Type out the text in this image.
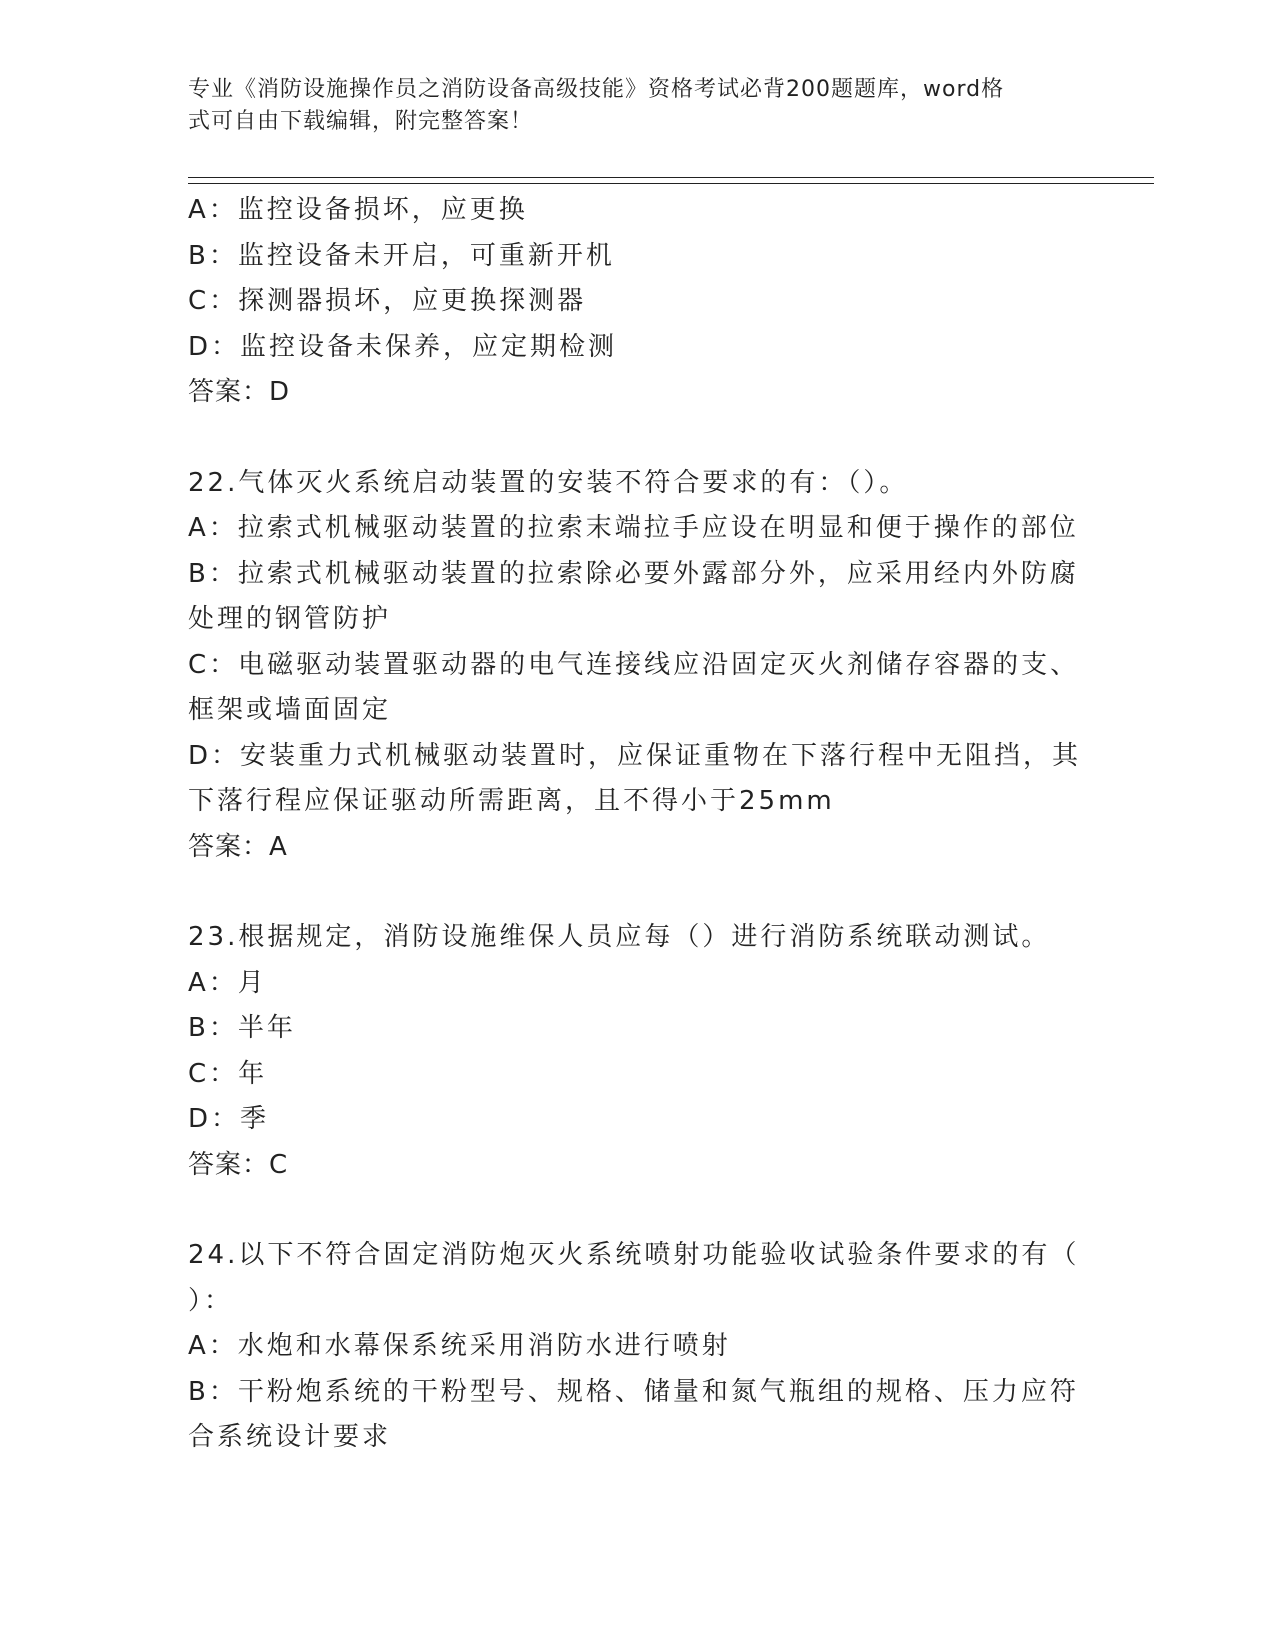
专业《消防设施操作员之消防设备高级技能》资格考试必背200题题库，word格
式可自由下载编辑，附完整答案！
A：监控设备损坏，应更换
B：监控设备未开启，可重新开机
C：探测器损坏，应更换探测器
D：监控设备未保养，应定期检测
答案：D
22.气体灭火系统启动装置的安装不符合要求的有：（）。
A：拉索式机械驱动装置的拉索末端拉手应设在明显和便于操作的部位
B：拉索式机械驱动装置的拉索除必要外露部分外，应采用经内外防腐
处理的钢管防护
C：电磁驱动装置驱动器的电气连接线应沿固定灭火剂储存容器的支、
框架或墙面固定
D：安装重力式机械驱动装置时，应保证重物在下落行程中无阻挡，其
下落行程应保证驱动所需距离，且不得小于25mm
答案：A
23.根据规定，消防设施维保人员应每（）进行消防系统联动测试。
A：月
B：半年
C：年
D：季
答案：C
24.以下不符合固定消防炮灭火系统喷射功能验收试验条件要求的有（
）：
A：水炮和水幕保系统采用消防水进行喷射
B：干粉炮系统的干粉型号、规格、储量和氮气瓶组的规格、压力应符
合系统设计要求
